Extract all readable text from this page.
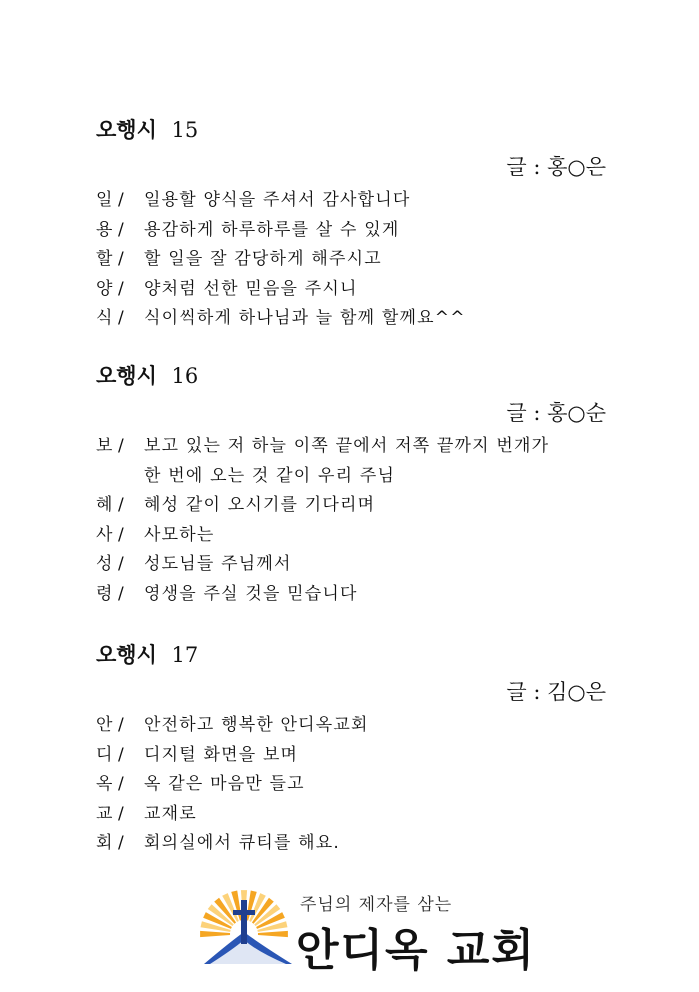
오행시 15
글 : 홍○은
일 / 일용할 양식을 주셔서 감사합니다
용 / 용감하게 하루하루를 살 수 있게
할 / 할 일을 잘 감당하게 해주시고
양 / 양처럼 선한 믿음을 주시니
식 / 식이씩하게 하나님과 늘 함께 할께요^^
오행시 16
글 : 홍○순
보 / 보고 있는 저 하늘 이쪽 끝에서 저쪽 끝까지 번개가
한 번에 오는 것 같이 우리 주님
혜 / 혜성 같이 오시기를 기다리며
사 / 사모하는
성 / 성도님들 주님께서
령 / 영생을 주실 것을 믿습니다
오행시 17
글 : 김○은
안 / 안전하고 행복한 안디옥교회
디 / 디지털 화면을 보며
옥 / 옥 같은 마음만 들고
교 / 교재로
회 / 회의실에서 큐티를 해요.
주님의 제자를 삼는
안디옥 교회
